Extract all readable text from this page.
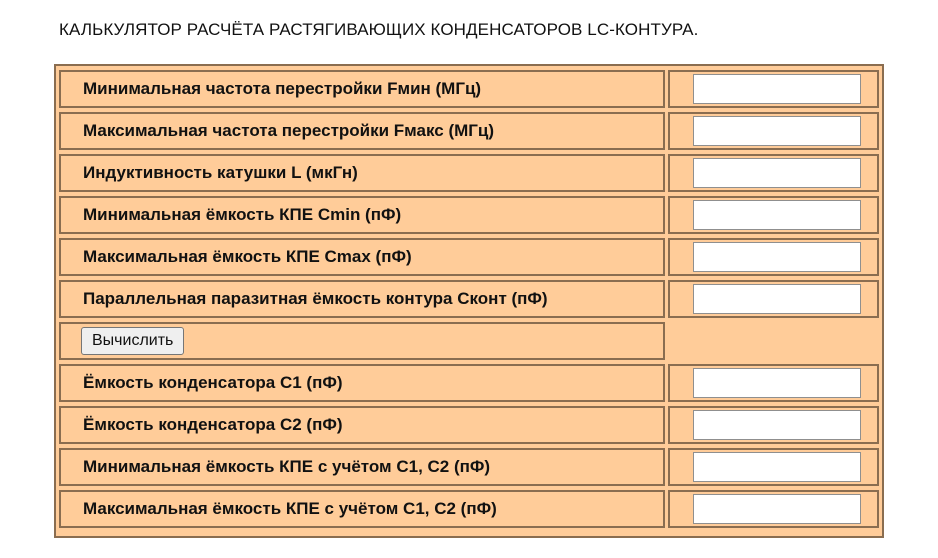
КАЛЬКУЛЯТОР РАСЧЁТА РАСТЯГИВАЮЩИХ КОНДЕНСАТОРОВ LC-КОНТУРА.
Минимальная частота перестройки Fмин (МГц)
Максимальная частота перестройки Fмакс (МГц)
Индуктивность катушки L (мкГн)
Минимальная ёмкость КПЕ Cmin (пФ)
Максимальная ёмкость КПЕ Cmax (пФ)
Параллельная паразитная ёмкость контура Сконт (пФ)
Вычислить
Ёмкость конденсатора С1 (пФ)
Ёмкость конденсатора С2 (пФ)
Минимальная ёмкость КПЕ с учётом С1, С2 (пФ)
Максимальная ёмкость КПЕ с учётом С1, С2 (пФ)
